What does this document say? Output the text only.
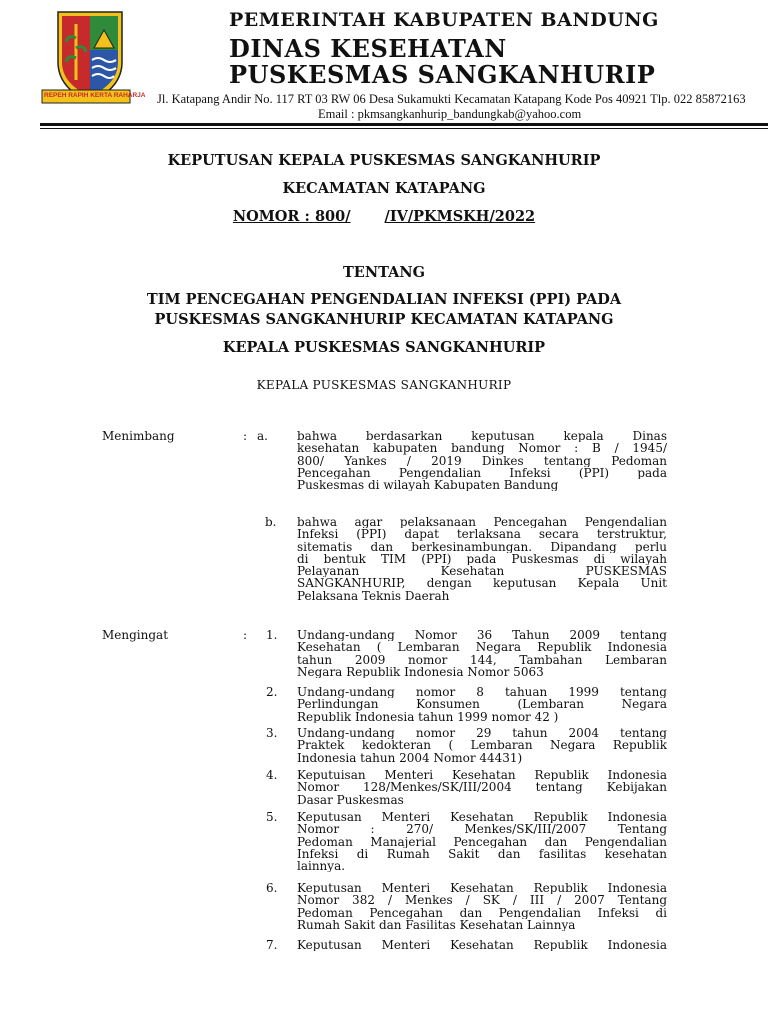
REPEH RAPIH KERTA RAHARJA
PEMERINTAH KABUPATEN BANDUNG
DINAS KESEHATAN
PUSKESMAS SANGKANHURIP
Jl. Katapang Andir No. 117 RT 03 RW 06 Desa Sukamukti Kecamatan Katapang Kode Pos 40921 Tlp. 022 85872163
Email : pkmsangkanhurip_bandungkab@yahoo.com
KEPUTUSAN KEPALA PUSKESMAS SANGKANHURIP
KECAMATAN KATAPANG
NOMOR : 800/ /IV/PKMSKH/2022
TENTANG
TIM PENCEGAHAN PENGENDALIAN INFEKSI (PPI) PADA
PUSKESMAS SANGKANHURIP KECAMATAN KATAPANG
KEPALA PUSKESMAS SANGKANHURIP
KEPALA PUSKESMAS SANGKANHURIP
Menimbang	: a. bahwa berdasarkan keputusan kepala Dinas
kesehatan kabupaten bandung Nomor : B / 1945/
800/ Yankes / 2019 Dinkes tentang Pedoman
Pencegahan Pengendalian Infeksi (PPI) pada
Puskesmas di wilayah Kabupaten Bandung
b. bahwa agar pelaksanaan Pencegahan Pengendalian
Infeksi (PPI) dapat terlaksana secara terstruktur,
sitematis dan berkesinambungan. Dipandang perlu
di bentuk TIM (PPI) pada Puskesmas di wilayah
Pelayanan Kesehatan PUSKESMAS
SANGKANHURIP, dengan keputusan Kepala Unit
Pelaksana Teknis Daerah
Mengingat	: 1. Undang-undang Nomor 36 Tahun 2009 tentang
Kesehatan ( Lembaran Negara Republik Indonesia
tahun 2009 nomor 144, Tambahan Lembaran
Negara Republik Indonesia Nomor 5063
2. Undang-undang nomor 8 tahuan 1999 tentang
Perlindungan Konsumen (Lembaran Negara
Republik Indonesia tahun 1999 nomor 42 )
3. Undang-undang nomor 29 tahun 2004 tentang
Praktek kedokteran ( Lembaran Negara Republik
Indonesia tahun 2004 Nomor 44431)
4. Keputuisan Menteri Kesehatan Republik Indonesia
Nomor 128/Menkes/SK/III/2004 tentang Kebijakan
Dasar Puskesmas
5. Keputusan Menteri Kesehatan Republik Indonesia
Nomor : 270/ Menkes/SK/III/2007 Tentang
Pedoman Manajerial Pencegahan dan Pengendalian
Infeksi di Rumah Sakit dan fasilitas kesehatan
lainnya.
6. Keputusan Menteri Kesehatan Republik Indonesia
Nomor 382 / Menkes / SK / III / 2007 Tentang
Pedoman Pencegahan dan Pengendalian Infeksi di
Rumah Sakit dan Fasilitas Kesehatan Lainnya
7. Keputusan Menteri Kesehatan Republik Indonesia
